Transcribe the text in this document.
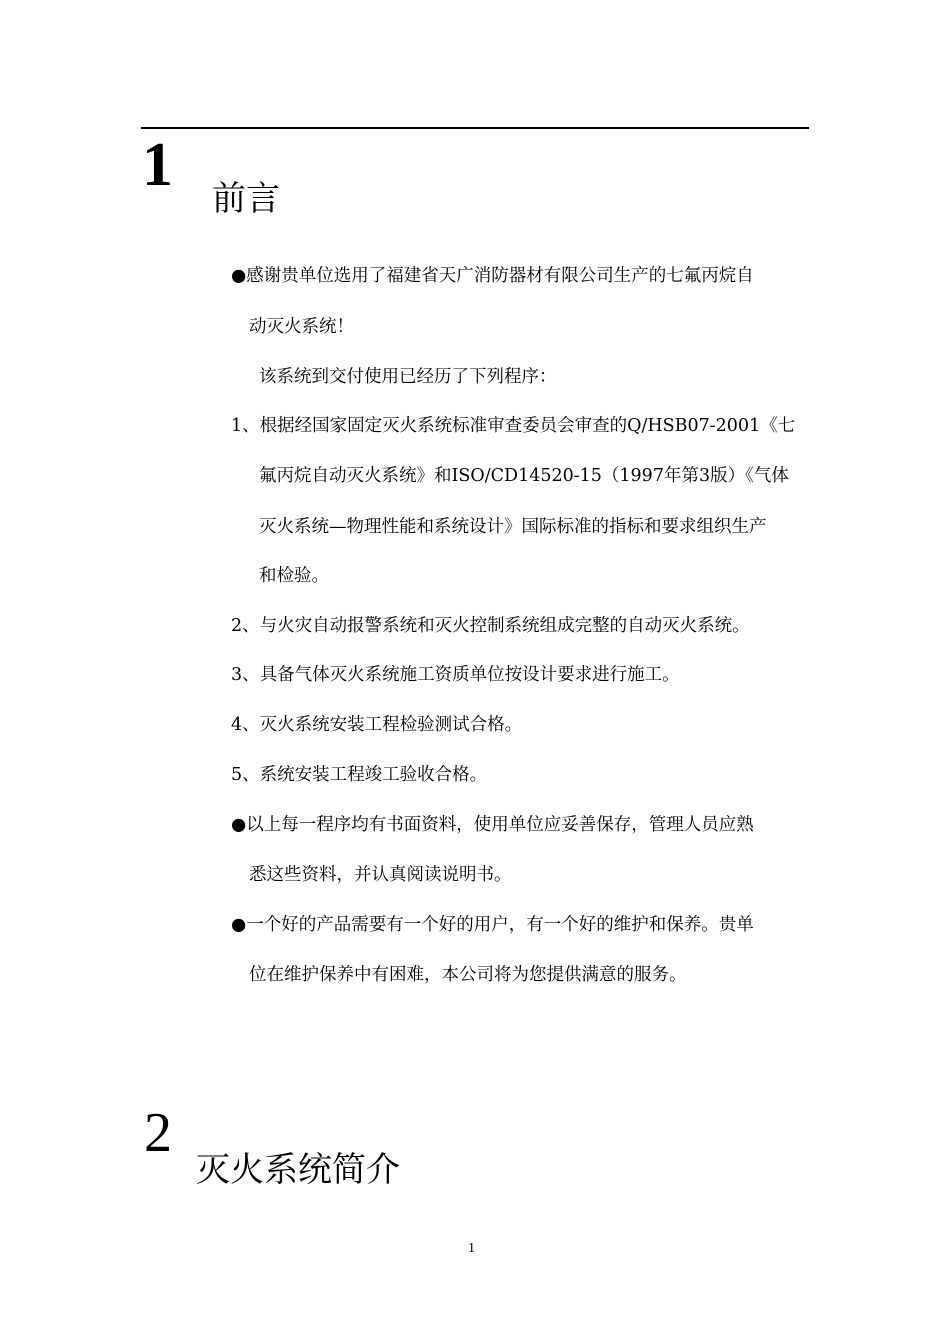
1 前言
●感谢贵单位选用了福建省天广消防器材有限公司生产的七氟丙烷自
动灭火系统！
该系统到交付使用已经历了下列程序：
1、根据经国家固定灭火系统标准审查委员会审查的Q/HSB07-2001《七
氟丙烷自动灭火系统》和ISO/CD14520-15（1997年第3版）《气体
灭火系统—物理性能和系统设计》国际标准的指标和要求组织生产
和检验。
2、与火灾自动报警系统和灭火控制系统组成完整的自动灭火系统。
3、具备气体灭火系统施工资质单位按设计要求进行施工。
4、灭火系统安装工程检验测试合格。
5、系统安装工程竣工验收合格。
●以上每一程序均有书面资料，使用单位应妥善保存，管理人员应熟
悉这些资料，并认真阅读说明书。
●一个好的产品需要有一个好的用户，有一个好的维护和保养。贵单
位在维护保养中有困难，本公司将为您提供满意的服务。
2
灭火系统简介
1
